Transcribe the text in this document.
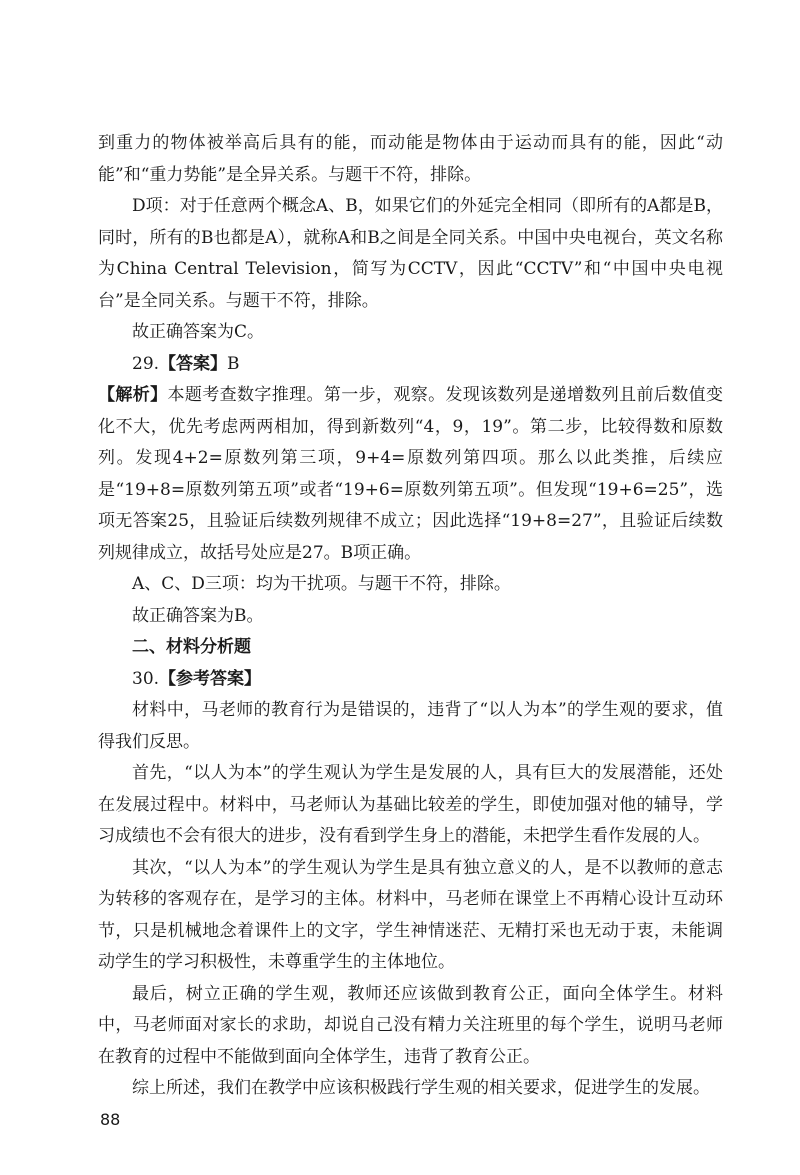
到重力的物体被举高后具有的能，而动能是物体由于运动而具有的能，因此“动能”和“重力势能”是全异关系。与题干不符，排除。

D项：对于任意两个概念A、B，如果它们的外延完全相同（即所有的A都是B，同时，所有的B也都是A），就称A和B之间是全同关系。中国中央电视台，英文名称为China Central Television，简写为CCTV，因此“CCTV”和“中国中央电视台”是全同关系。与题干不符，排除。

故正确答案为C。

29.【答案】B

【解析】本题考查数字推理。第一步，观察。发现该数列是递增数列且前后数值变化不大，优先考虑两两相加，得到新数列“4，9，19”。第二步，比较得数和原数列。发现4+2=原数列第三项，9+4=原数列第四项。那么以此类推，后续应是“19+8=原数列第五项”或者“19+6=原数列第五项”。但发现“19+6=25”，选项无答案25，且验证后续数列规律不成立；因此选择“19+8=27”，且验证后续数列规律成立，故括号处应是27。B项正确。

A、C、D三项：均为干扰项。与题干不符，排除。

故正确答案为B。

二、材料分析题

30.【参考答案】

材料中，马老师的教育行为是错误的，违背了“以人为本”的学生观的要求，值得我们反思。

首先，“以人为本”的学生观认为学生是发展的人，具有巨大的发展潜能，还处在发展过程中。材料中，马老师认为基础比较差的学生，即使加强对他的辅导，学习成绩也不会有很大的进步，没有看到学生身上的潜能，未把学生看作发展的人。

其次，“以人为本”的学生观认为学生是具有独立意义的人，是不以教师的意志为转移的客观存在，是学习的主体。材料中，马老师在课堂上不再精心设计互动环节，只是机械地念着课件上的文字，学生神情迷茫、无精打采也无动于衷，未能调动学生的学习积极性，未尊重学生的主体地位。

最后，树立正确的学生观，教师还应该做到教育公正，面向全体学生。材料中，马老师面对家长的求助，却说自己没有精力关注班里的每个学生，说明马老师在教育的过程中不能做到面向全体学生，违背了教育公正。

综上所述，我们在教学中应该积极践行学生观的相关要求，促进学生的发展。

88
